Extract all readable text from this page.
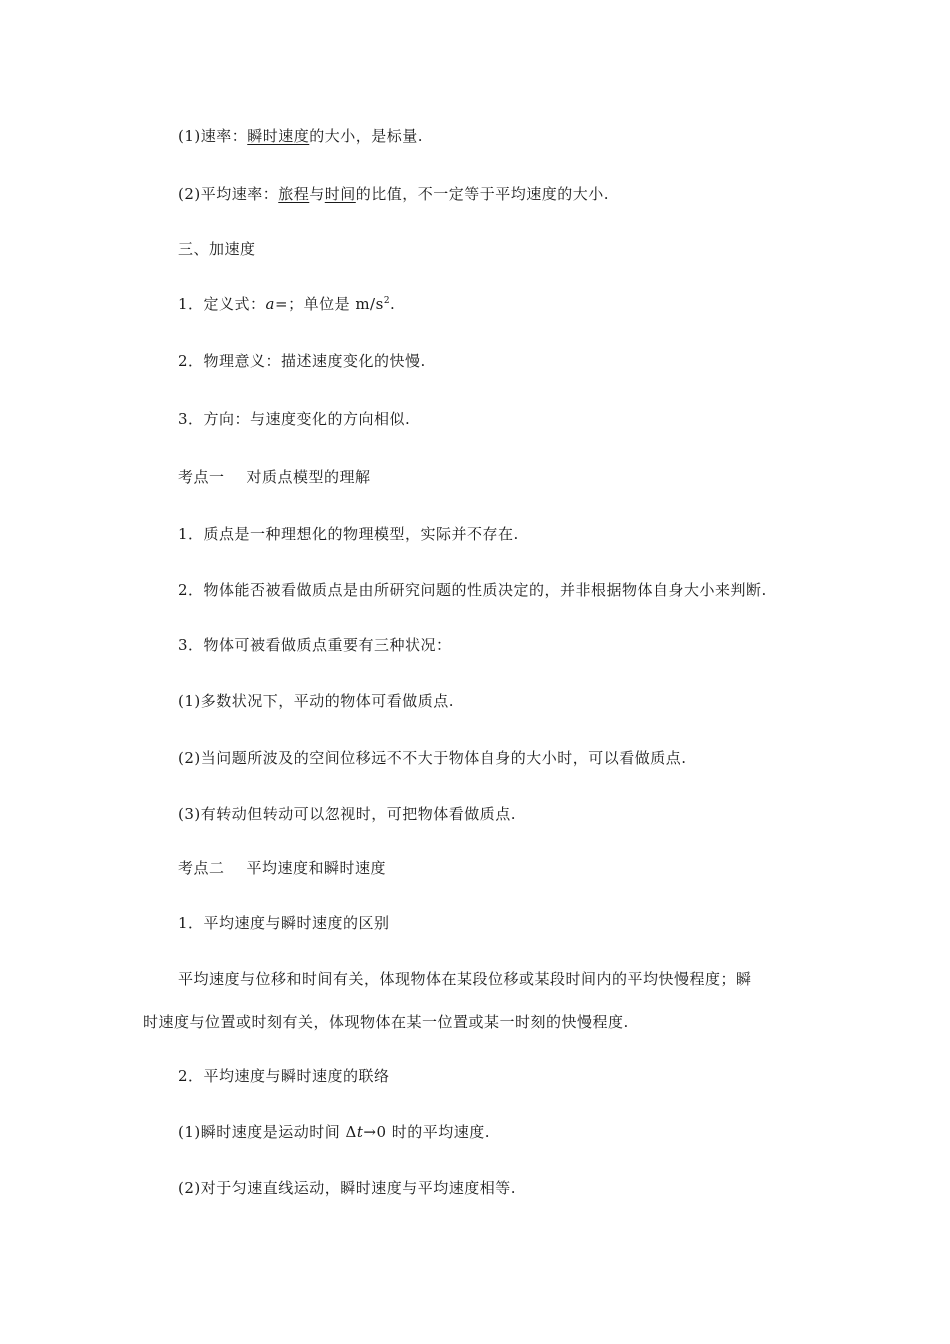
(1)速率：瞬时速度的大小，是标量.
(2)平均速率：旅程与时间的比值，不一定等于平均速度的大小.
三、加速度
1．定义式：a=；单位是 $m/s^2$.
2．物理意义：描述速度变化的快慢.
3．方向：与速度变化的方向相似.
考点一 对质点模型的理解
1．质点是一种理想化的物理模型，实际并不存在.
2．物体能否被看做质点是由所研究问题的性质决定的，并非根据物体自身大小来判断.
3．物体可被看做质点重要有三种状况：
(1)多数状况下，平动的物体可看做质点.
(2)当问题所波及的空间位移远不不大于物体自身的大小时，可以看做质点.
(3)有转动但转动可以忽视时，可把物体看做质点.
考点二 平均速度和瞬时速度
1．平均速度与瞬时速度的区别
平均速度与位移和时间有关，体现物体在某段位移或某段时间内的平均快慢程度；瞬
时速度与位置或时刻有关，体现物体在某一位置或某一时刻的快慢程度.
2．平均速度与瞬时速度的联络
(1)瞬时速度是运动时间 Δt→0 时的平均速度.
(2)对于匀速直线运动，瞬时速度与平均速度相等.
